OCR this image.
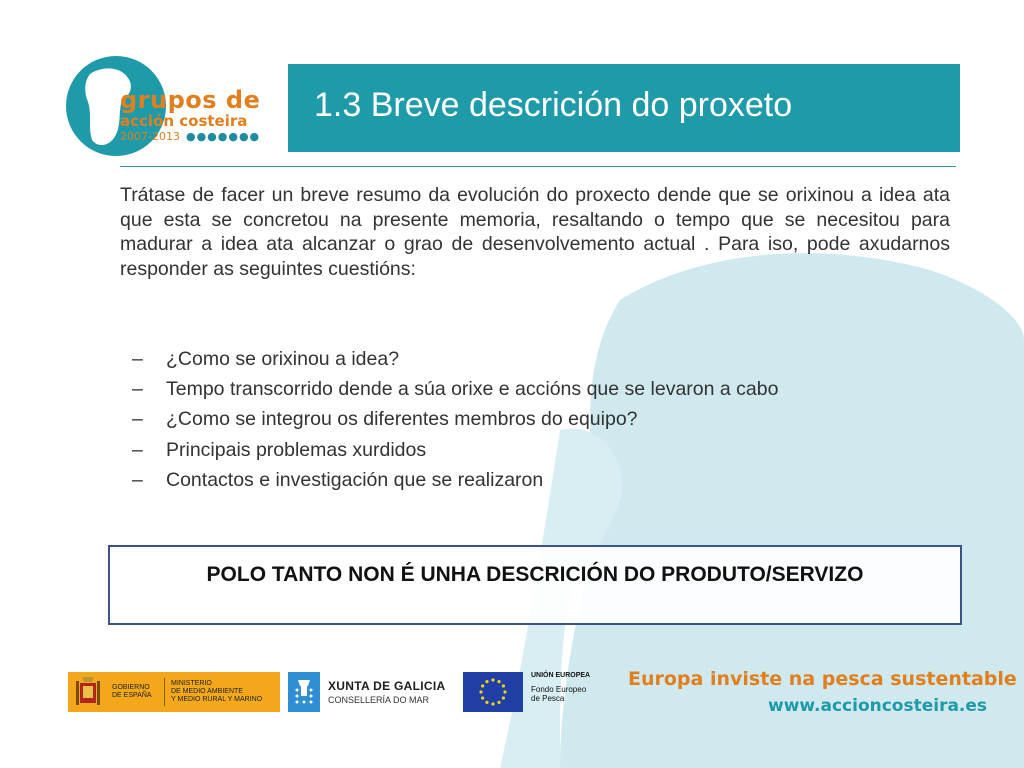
grupos de
acción costeira
2007-2013 ●●●●●●●
1.3 Breve descrición do proxeto

Trátase de facer un breve resumo da evolución do proxecto dende que se orixinou a idea ata que esta se concretou na presente memoria, resaltando o tempo que se necesitou para madurar a idea ata alcanzar o grao de desenvolvemento actual . Para iso, pode axudarnos responder as seguintes cuestións:

–	¿Como se orixinou a idea?
–	Tempo transcorrido dende a súa orixe e accións que se levaron a cabo
–	¿Como se integrou os diferentes membros do equipo?
–	Principais problemas xurdidos
–	Contactos e investigación que se realizaron
POLO TANTO NON É UNHA DESCRICIÓN DO PRODUTO/SERVIZO
GOBIERNO
DE ESPAÑA
MINISTERIO
DE MEDIO AMBIENTE
Y MEDIO RURAL Y MARINO
XUNTA DE GALICIA
CONSELLERÍA DO MAR
UNIÓN EUROPEA
Fondo Europeo
de Pesca
Europa inviste na pesca sustentable
www.accioncosteira.es
